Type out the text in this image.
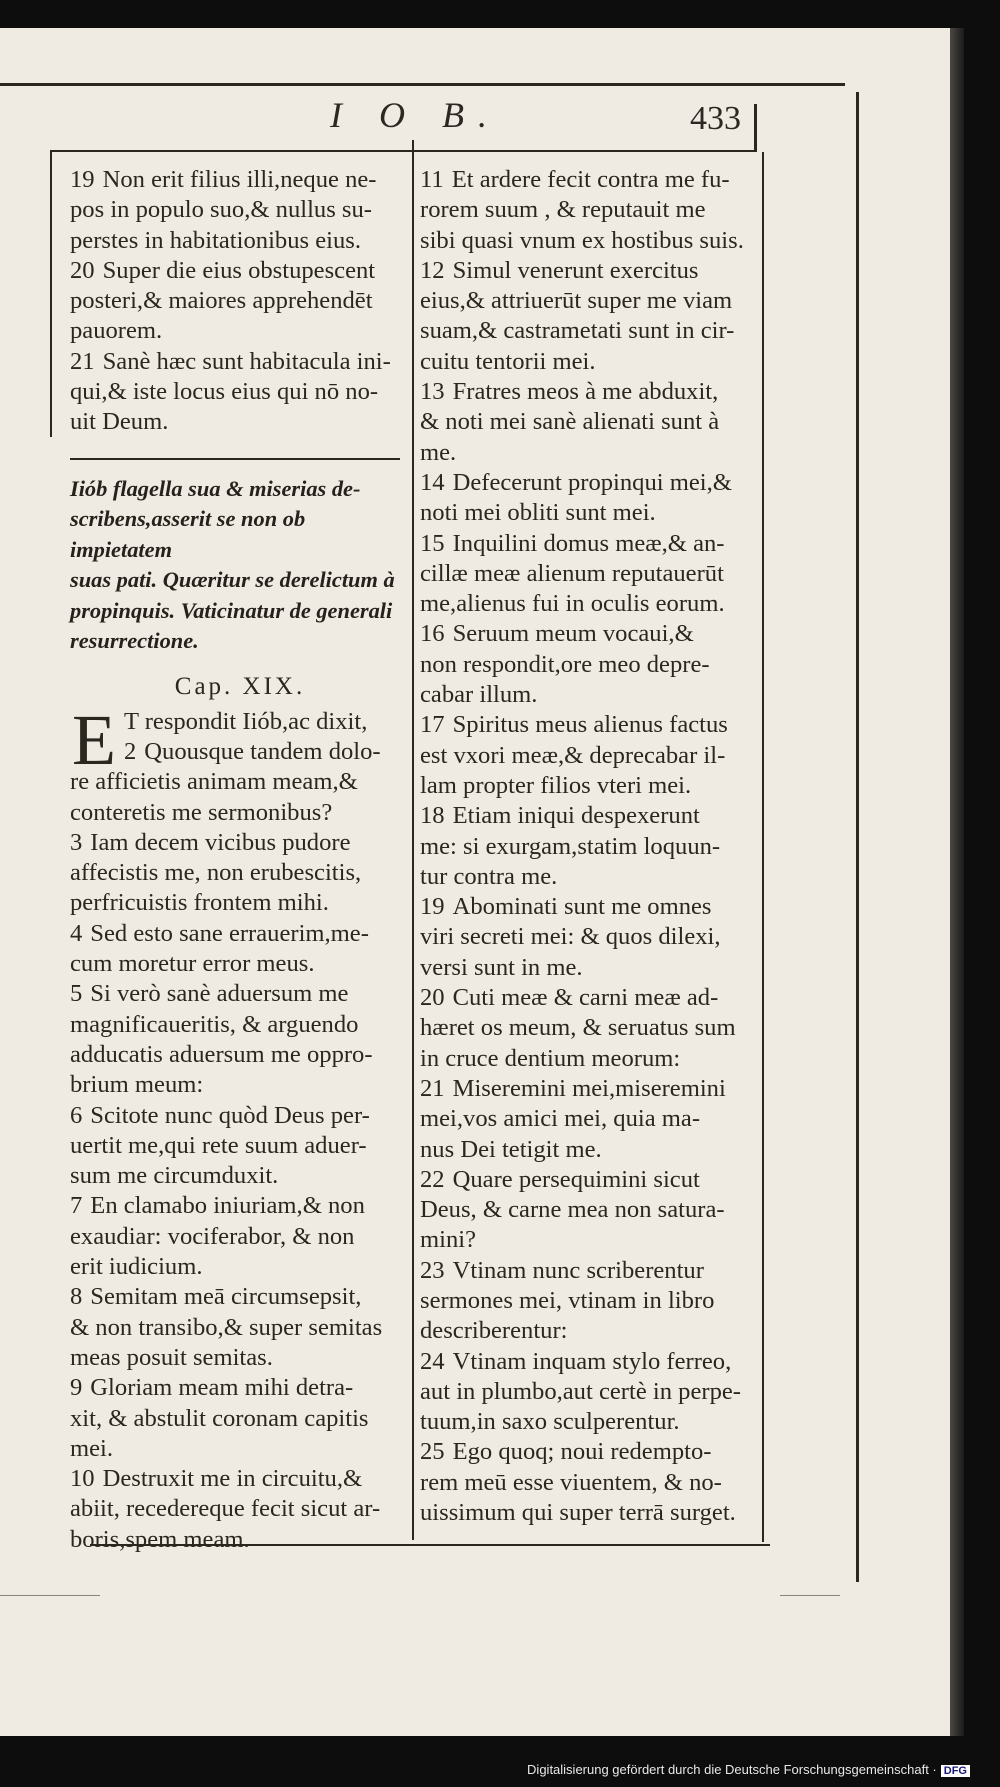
I O B.	433

19 Non erit filius illi,neque ne-
pos in populo suo,& nullus su-
perstes in habitationibus eius.

20 Super die eius obstupescent
posteri,& maiores apprehendēt
pauorem.

21 Sanè hæc sunt habitacula ini-
qui,& iste locus eius qui nō no-
uit Deum.

Iiób flagella sua & miserias de-
scribens,asserit se non ob impietatem
suas pati. Quæritur se derelictum à
propinquis. Vaticinatur de generali
resurrectione.

Cap. XIX.

E T respondit Iiób,ac dixit,

2 Quousque tandem dolo-
re afficietis animam meam,&
conteretis me sermonibus?

3 Iam decem vicibus pudore
affecistis me, non erubescitis,
perfricuistis frontem mihi.

4 Sed esto sane errauerim,me-
cum moretur error meus.

5 Si verò sanè aduersum me
magnificaueritis, & arguendo
adducatis aduersum me oppro-
brium meum:

6 Scitote nunc quòd Deus per-
uertit me,qui rete suum aduer-
sum me circumduxit.

7 En clamabo iniuriam,& non
exaudiar: vociferabor, & non
erit iudicium.

8 Semitam meā circumsepsit,
& non transibo,& super semitas
meas posuit semitas.

9 Gloriam meam mihi detra-
xit, & abstulit coronam capitis
mei.

10 Destruxit me in circuitu,&
abiit, recedereque fecit sicut ar-
boris,spem meam.

11 Et ardere fecit contra me fu-
rorem suum , & reputauit me
sibi quasi vnum ex hostibus suis.

12 Simul venerunt exercitus
eius,& attriuerūt super me viam
suam,& castrametati sunt in cir-
cuitu tentorii mei.

13 Fratres meos à me abduxit,
& noti mei sanè alienati sunt à
me.

14 Defecerunt propinqui mei,&
noti mei obliti sunt mei.

15 Inquilini domus meæ,& an-
cillæ meæ alienum reputauerūt
me,alienus fui in oculis eorum.

16 Seruum meum vocaui,&
non respondit,ore meo depre-
cabar illum.

17 Spiritus meus alienus factus
est vxori meæ,& deprecabar il-
lam propter filios vteri mei.

18 Etiam iniqui despexerunt
me: si exurgam,statim loquun-
tur contra me.

19 Abominati sunt me omnes
viri secreti mei: & quos dilexi,
versi sunt in me.

20 Cuti meæ & carni meæ ad-
hæret os meum, & seruatus sum
in cruce dentium meorum:

21 Misereminі mei,misereminі
mei,vos amici mei, quia ma-
nus Dei tetigit me.

22 Quare persequimini sicut
Deus, & carne mea non satura-
mini?

23 Vtinam nunc scriberentur
sermones mei, vtinam in libro
describerentur:

24 Vtinam inquam stylo ferreo,
aut in plumbo,aut certè in perpe-
tuum,in saxo sculperentur.

25 Ego quoq; noui redempto-
rem meū esse viuentem, & no-
uissimum qui super terrā surget.

Digitalisierung gefördert durch die Deutsche Forschungsgemeinschaft · DFG
